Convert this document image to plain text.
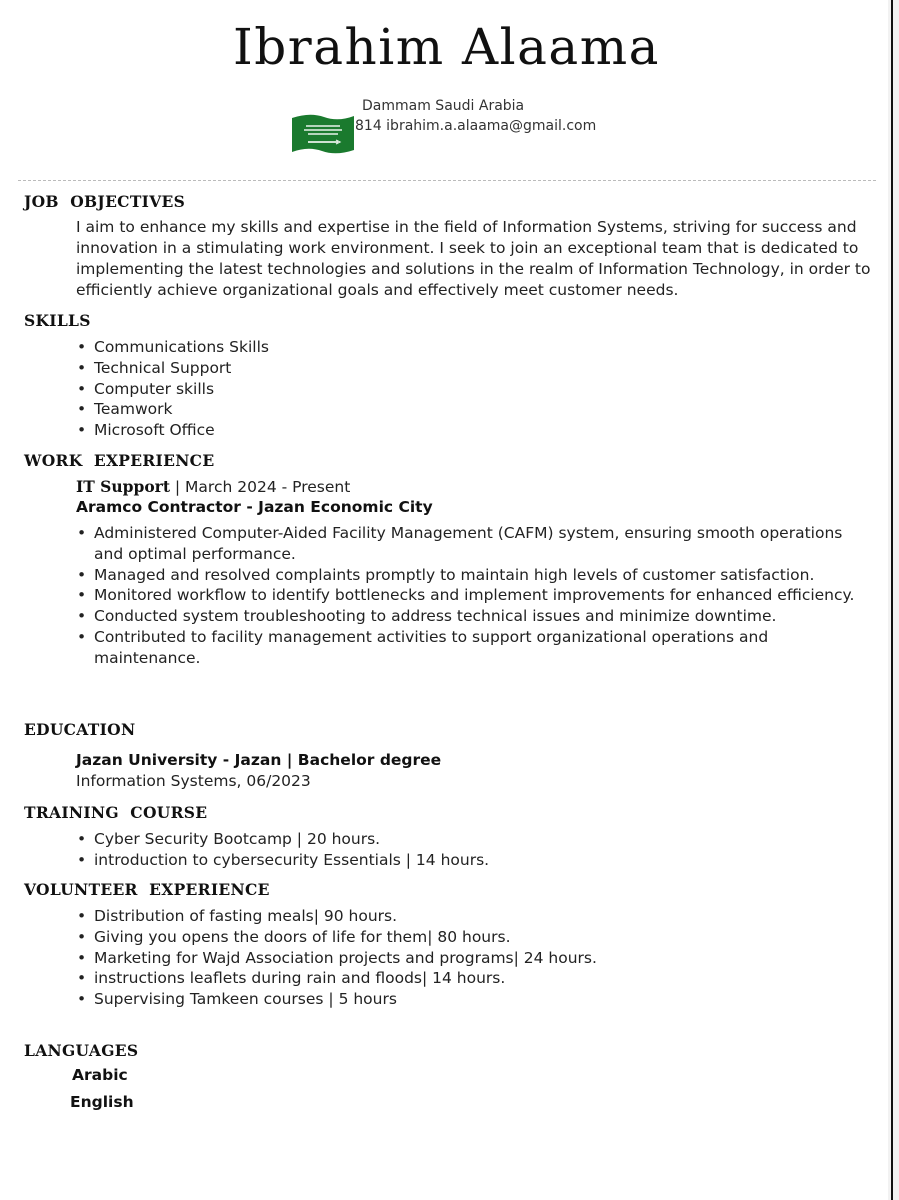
Ibrahim Alaama
Dammam Saudi Arabia
814 ibrahim.a.alaama@gmail.com
JOB  OBJECTIVES

I aim to enhance my skills and expertise in the field of Information Systems, striving for success and innovation in a stimulating work environment. I seek to join an exceptional team that is dedicated to implementing the latest technologies and solutions in the realm of Information Technology, in order to efficiently achieve organizational goals and effectively meet customer needs.

SKILLS
• Communications Skills
• Technical Support
• Computer skills
• Teamwork
• Microsoft Office
WORK  EXPERIENCE
IT Support | March 2024 - Present
Aramco Contractor - Jazan Economic City
• Administered Computer-Aided Facility Management (CAFM) system, ensuring smooth operations and optimal performance.
• Managed and resolved complaints promptly to maintain high levels of customer satisfaction.
• Monitored workflow to identify bottlenecks and implement improvements for enhanced efficiency.
• Conducted system troubleshooting to address technical issues and minimize downtime.
• Contributed to facility management activities to support organizational operations and maintenance.
EDUCATION
Jazan University - Jazan | Bachelor degree
Information Systems, 06/2023
TRAINING  COURSE
• Cyber Security Bootcamp | 20 hours.
• introduction to cybersecurity Essentials | 14 hours.
VOLUNTEER  EXPERIENCE
• Distribution of fasting meals| 90 hours.
• Giving you opens the doors of life for them| 80 hours.
• Marketing for Wajd Association projects and programs| 24 hours.
• instructions leaflets during rain and floods| 14 hours.
• Supervising Tamkeen courses | 5 hours
LANGUAGES
Arabic
English
